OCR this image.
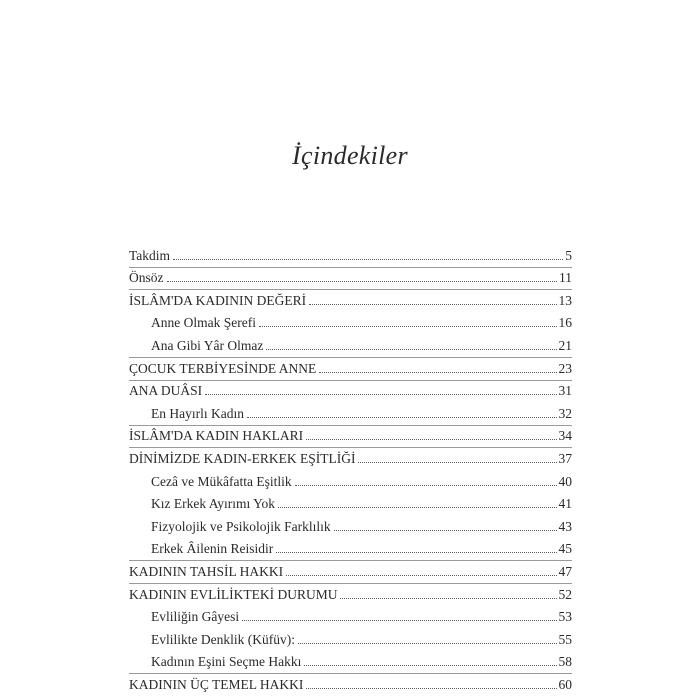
İçindekiler
Takdim	5
Önsöz	11
İSLÂM'DA KADININ DEĞERİ	13
Anne Olmak Şerefi	16
Ana Gibi Yâr Olmaz	21
ÇOCUK TERBİYESİNDE ANNE	23
ANA DUÂSI	31
En Hayırlı Kadın	32
İSLÂM'DA KADIN HAKLARI	34
DİNİMİZDE KADIN-ERKEK EŞİTLİĞİ	37
Cezâ ve Mükâfatta Eşitlik	40
Kız Erkek Ayırımı Yok	41
Fizyolojik ve Psikolojik Farklılık	43
Erkek Âilenin Reisidir	45
KADININ TAHSİL HAKKI	47
KADININ EVLİLİKTEKİ DURUMU	52
Evliliğin Gâyesi	53
Evlilikte Denklik (Küfüv):	55
Kadının Eşini Seçme Hakkı	58
KADININ ÜÇ TEMEL HAKKI	60
